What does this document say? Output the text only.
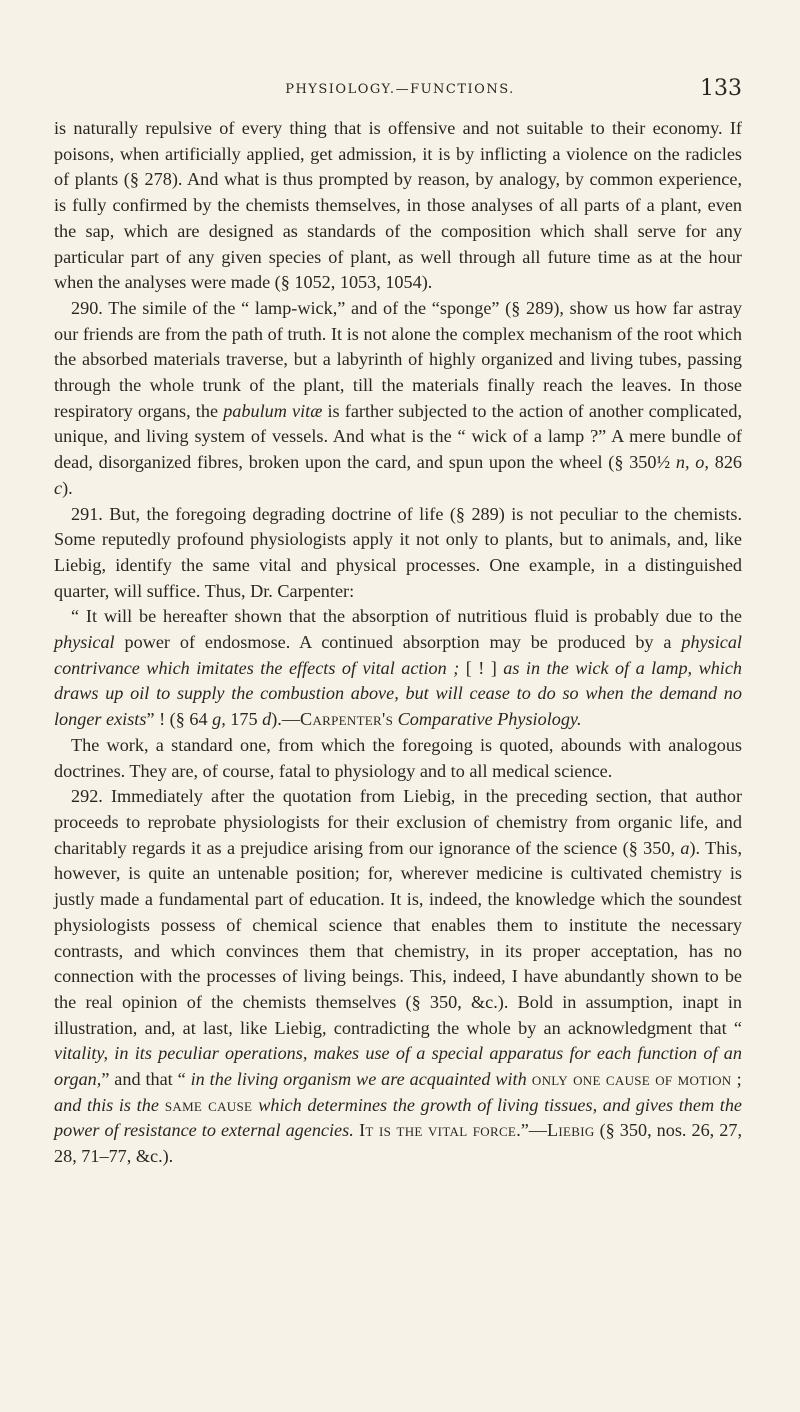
PHYSIOLOGY.—FUNCTIONS.	133

is naturally repulsive of every thing that is offensive and not suitable to their economy. If poisons, when artificially applied, get admission, it is by inflicting a violence on the radicles of plants (§ 278). And what is thus prompted by reason, by analogy, by common experience, is fully confirmed by the chemists themselves, in those analyses of all parts of a plant, even the sap, which are designed as standards of the composition which shall serve for any particular part of any given species of plant, as well through all future time as at the hour when the analyses were made (§ 1052, 1053, 1054).

290. The simile of the “ lamp-wick,” and of the “sponge” (§ 289), show us how far astray our friends are from the path of truth. It is not alone the complex mechanism of the root which the absorbed materials traverse, but a labyrinth of highly organized and living tubes, passing through the whole trunk of the plant, till the materials finally reach the leaves. In those respiratory organs, the pabulum vitæ is farther subjected to the action of another complicated, unique, and living system of vessels. And what is the “ wick of a lamp ?” A mere bundle of dead, disorganized fibres, broken upon the card, and spun upon the wheel (§ 350½ n, o, 826 c).

291. But, the foregoing degrading doctrine of life (§ 289) is not peculiar to the chemists. Some reputedly profound physiologists apply it not only to plants, but to animals, and, like Liebig, identify the same vital and physical processes. One example, in a distinguished quarter, will suffice. Thus, Dr. Carpenter:

“ It will be hereafter shown that the absorption of nutritious fluid is probably due to the physical power of endosmose. A continued absorption may be produced by a physical contrivance which imitates the effects of vital action ; [ ! ] as in the wick of a lamp, which draws up oil to supply the combustion above, but will cease to do so when the demand no longer exists” ! (§ 64 g, 175 d).—Carpenter's Comparative Physiology.

The work, a standard one, from which the foregoing is quoted, abounds with analogous doctrines. They are, of course, fatal to physiology and to all medical science.

292. Immediately after the quotation from Liebig, in the preceding section, that author proceeds to reprobate physiologists for their exclusion of chemistry from organic life, and charitably regards it as a prejudice arising from our ignorance of the science (§ 350, a). This, however, is quite an untenable position; for, wherever medicine is cultivated chemistry is justly made a fundamental part of education. It is, indeed, the knowledge which the soundest physiologists possess of chemical science that enables them to institute the necessary contrasts, and which convinces them that chemistry, in its proper acceptation, has no connection with the processes of living beings. This, indeed, I have abundantly shown to be the real opinion of the chemists themselves (§ 350, &c.). Bold in assumption, inapt in illustration, and, at last, like Liebig, contradicting the whole by an acknowledgment that “ vitality, in its peculiar operations, makes use of a special apparatus for each function of an organ,” and that “ in the living organism we are acquainted with only one cause of motion ; and this is the same cause which determines the growth of living tissues, and gives them the power of resistance to external agencies. It is the vital force.”—Liebig (§ 350, nos. 26, 27, 28, 71–77, &c.).
